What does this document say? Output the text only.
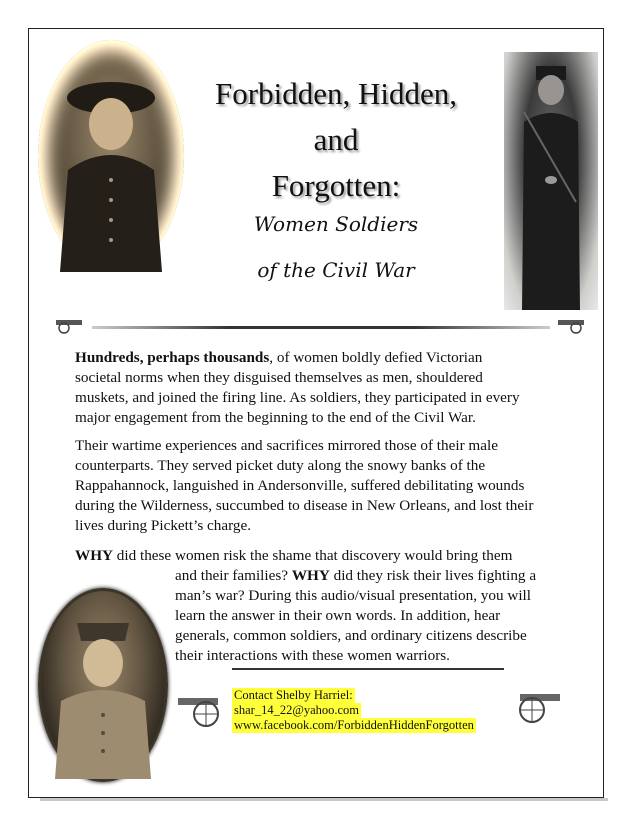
Forbidden, Hidden,
and
Forgotten:
Women Soldiers
of the Civil War

Hundreds, perhaps thousands, of women boldly defied Victorian
societal norms when they disguised themselves as men, shouldered
muskets, and joined the firing line. As soldiers, they participated in every
major engagement from the beginning to the end of the Civil War.

Their wartime experiences and sacrifices mirrored those of their male
counterparts. They served picket duty along the snowy banks of the
Rappahannock, languished in Andersonville, suffered debilitating wounds
during the Wilderness, succumbed to disease in New Orleans, and lost their
lives during Pickett’s charge.

WHY did these women risk the shame that discovery would bring them
and their families? WHY did they risk their lives fighting a
man’s war? During this audio/visual presentation, you will
learn the answer in their own words. In addition, hear
generals, common soldiers, and ordinary citizens describe
their interactions with these women warriors.
Contact Shelby Harriel:
shar_14_22@yahoo.com
www.facebook.com/ForbiddenHiddenForgotten
